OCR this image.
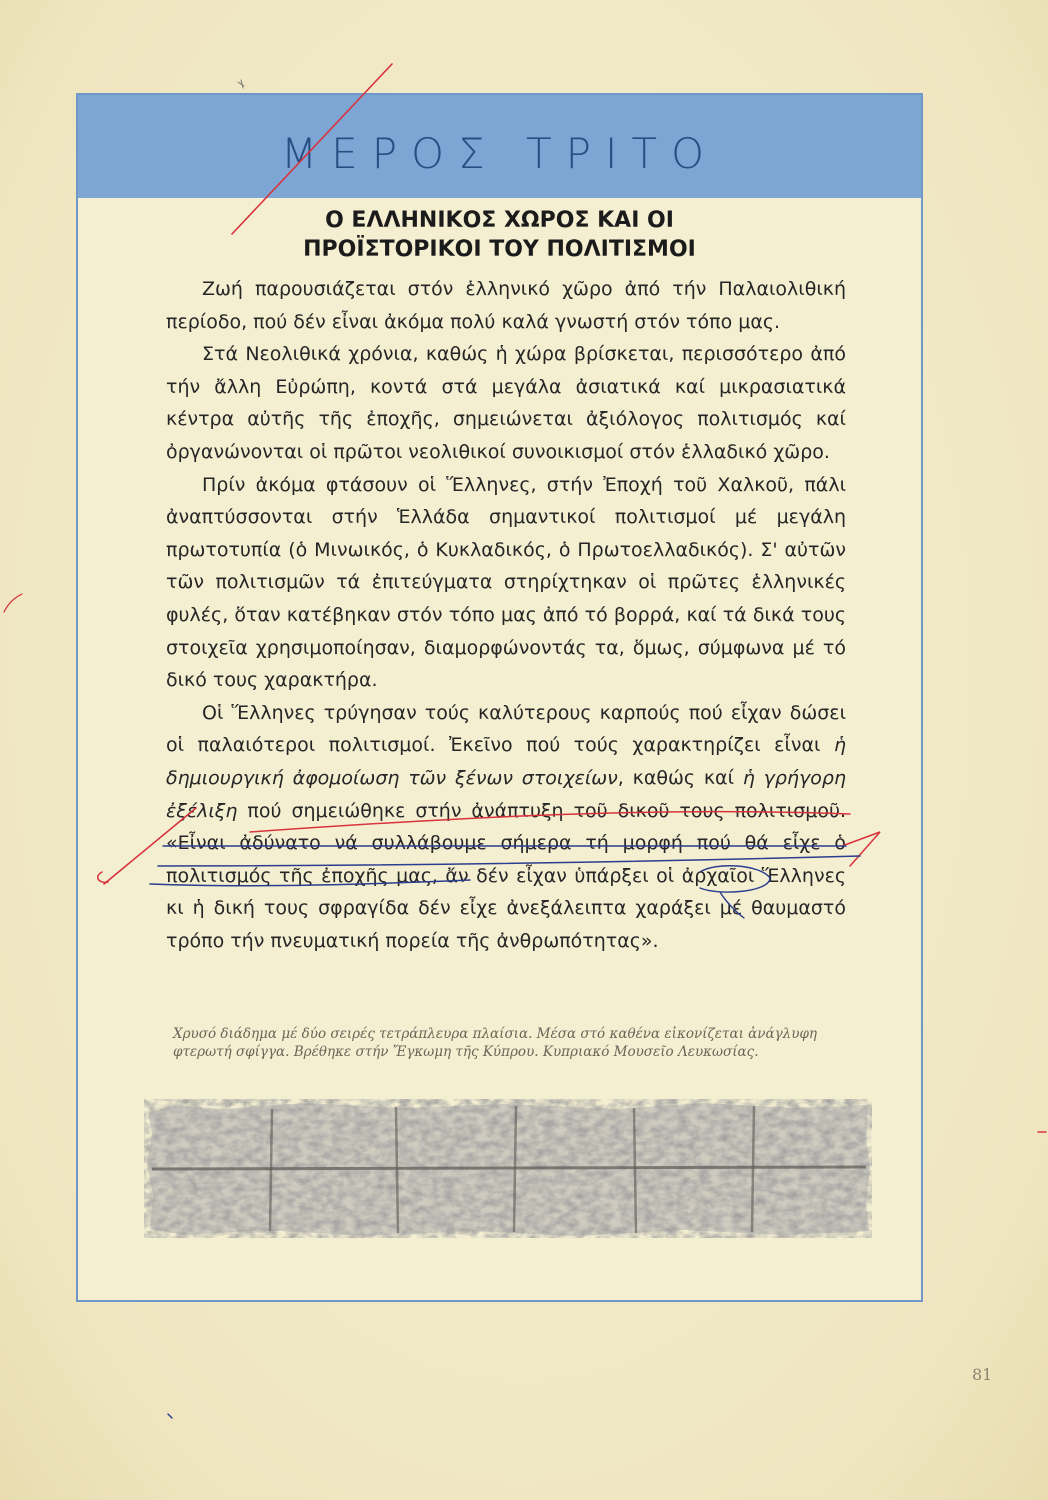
ΜΕΡΟΣ ΤΡΙΤΟ
Ο ΕΛΛΗΝΙΚΟΣ ΧΩΡΟΣ ΚΑΙ ΟΙ
ΠΡΟΪΣΤΟΡΙΚΟΙ ΤΟΥ ΠΟΛΙΤΙΣΜΟΙ

Ζωή παρουσιάζεται στόν ἑλληνικό χῶρο ἀπό τήν Παλαιολιθική περίοδο, πού δέν εἶναι ἀκόμα πολύ καλά γνωστή στόν τόπο μας.

Στά Νεολιθικά χρόνια, καθώς ἡ χώρα βρίσκεται, περισσότερο ἀπό τήν ἄλλη Εὐρώπη, κοντά στά μεγάλα ἀσιατικά καί μικρασιατικά κέντρα αὐτῆς τῆς ἐποχῆς, σημειώνεται ἀξιόλογος πολιτισμός καί ὀργανώνονται οἱ πρῶτοι νεολιθικοί συνοικισμοί στόν ἑλλαδικό χῶρο.

Πρίν ἀκόμα φτάσουν οἱ Ἕλληνες, στήν Ἐποχή τοῦ Χαλκοῦ, πάλι ἀναπτύσσονται στήν Ἑλλάδα σημαντικοί πολιτισμοί μέ μεγάλη πρωτοτυπία (ὁ Μινωικός, ὁ Κυκλαδικός, ὁ Πρωτοελλαδικός). Σ' αὐτῶν τῶν πολιτισμῶν τά ἐπιτεύγματα στηρίχτηκαν οἱ πρῶτες ἑλληνικές φυλές, ὅταν κατέβηκαν στόν τόπο μας ἀπό τό βορρά, καί τά δικά τους στοιχεῖα χρησιμοποίησαν, διαμορφώνοντάς τα, ὅμως, σύμφωνα μέ τό δικό τους χαρακτήρα.

Οἱ Ἕλληνες τρύγησαν τούς καλύτερους καρπούς πού εἶχαν δώσει οἱ παλαιότεροι πολιτισμοί. Ἐκεῖνο πού τούς χαρακτηρίζει εἶναι ἡ δημιουργική ἀφομοίωση τῶν ξένων στοιχείων, καθώς καί ἡ γρήγορη ἐξέλιξη πού σημειώθηκε στήν ἀνάπτυξη τοῦ δικοῦ τους πολιτισμοῦ. «Εἶναι ἀδύνατο νά συλλάβουμε σήμερα τή μορφή πού θά εἶχε ὁ πολιτισμός τῆς ἐποχῆς μας, ἄν δέν εἶχαν ὑπάρξει οἱ ἀρχαῖοι Ἕλληνες κι ἡ δική τους σφραγίδα δέν εἶχε ἀνεξάλειπτα χαράξει μέ θαυμαστό τρόπο τήν πνευματική πορεία τῆς ἀνθρωπότητας».

Χρυσό διάδημα μέ δύο σειρές τετράπλευρα πλαίσια. Μέσα στό καθένα εἰκονίζεται ἀνάγλυφη φτερωτή σφίγγα. Βρέθηκε στήν Ἔγκωμη τῆς Κύπρου. Κυπριακό Μουσεῖο Λευκωσίας.
81
